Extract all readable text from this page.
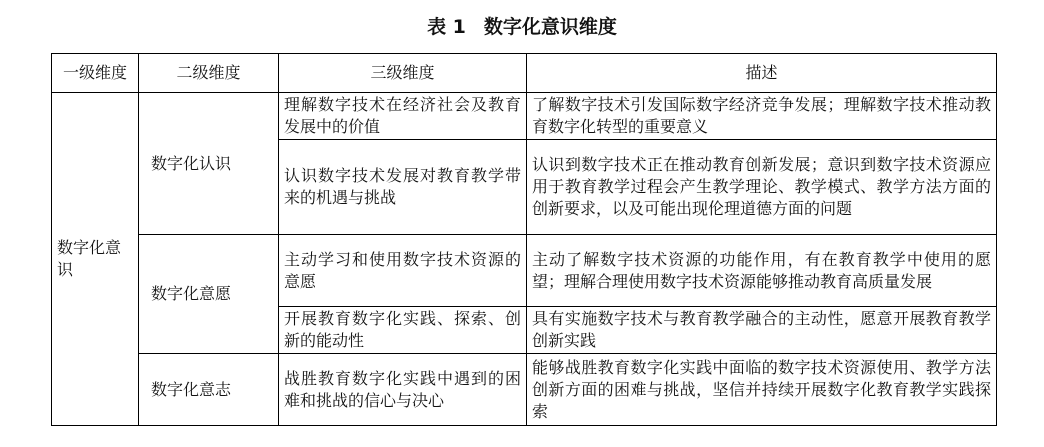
表 1 数字化意识维度
一级维度	二级维度	三级维度	描述
数字化意识	数字化认识	理解数字技术在经济社会及教育发展中的价值	了解数字技术引发国际数字经济竞争发展；理解数字技术推动教育数字化转型的重要意义
		认识数字技术发展对教育教学带来的机遇与挑战	认识到数字技术正在推动教育创新发展；意识到数字技术资源应用于教育教学过程会产生教学理论、教学模式、教学方法方面的创新要求，以及可能出现伦理道德方面的问题
	数字化意愿	主动学习和使用数字技术资源的意愿	主动了解数字技术资源的功能作用，有在教育教学中使用的愿望；理解合理使用数字技术资源能够推动教育高质量发展
		开展教育数字化实践、探索、创新的能动性	具有实施数字技术与教育教学融合的主动性，愿意开展教育教学创新实践
	数字化意志	战胜教育数字化实践中遇到的困难和挑战的信心与决心	能够战胜教育数字化实践中面临的数字技术资源使用、教学方法创新方面的困难与挑战，坚信并持续开展数字化教育教学实践探索
